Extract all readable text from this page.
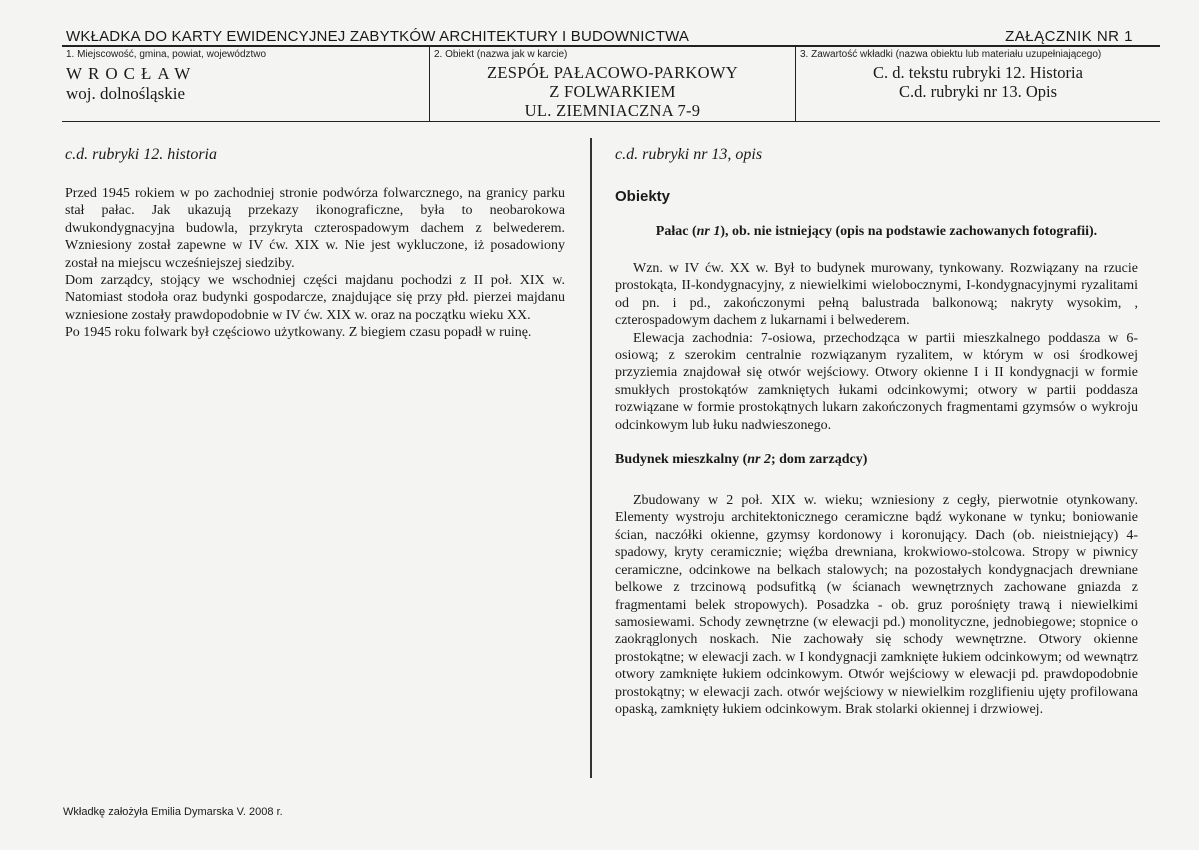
WKŁADKA DO KARTY EWIDENCYJNEJ ZABYTKÓW ARCHITEKTURY I BUDOWNICTWA	ZAŁĄCZNIK NR 1
1. Miejscowość, gmina, powiat, województwo
WROCŁAW
woj. dolnośląskie
2. Obiekt (nazwa jak w karcie)
ZESPÓŁ PAŁACOWO-PARKOWY
Z FOLWARKIEM
UL. ZIEMNIACZNA 7-9
3. Zawartość wkładki (nazwa obiektu lub materiału uzupełniającego)
C. d. tekstu rubryki 12. Historia
C.d. rubryki nr 13. Opis

c.d. rubryki 12. historia

Przed 1945 rokiem w po zachodniej stronie podwórza folwarcznego, na granicy parku stał pałac. Jak ukazują przekazy ikonograficzne, była to neobarokowa dwukondygnacyjna budowla, przykryta czterospadowym dachem z belwederem. Wzniesiony został zapewne w IV ćw. XIX w. Nie jest wykluczone, iż posadowiony został na miejscu wcześniejszej siedziby.

Dom zarządcy, stojący we wschodniej części majdanu pochodzi z II poł. XIX w. Natomiast stodoła oraz budynki gospodarcze, znajdujące się przy płd. pierzei majdanu wzniesione zostały prawdopodobnie w IV ćw. XIX w. oraz na początku wieku XX.

Po 1945 roku folwark był częściowo użytkowany. Z biegiem czasu popadł w ruinę.

c.d. rubryki nr 13, opis

Obiekty
Pałac (nr 1), ob. nie istniejący (opis na podstawie zachowanych fotografii).

Wzn. w IV ćw. XX w. Był to budynek murowany, tynkowany. Rozwiązany na rzucie prostokąta, II-kondygnacyjny, z niewielkimi wielobocznymi, I-kondygnacyjnymi ryzalitami od pn. i pd., zakończonymi pełną balustrada balkonową; nakryty wysokim, , czterospadowym dachem z lukarnami i belwederem.

Elewacja zachodnia: 7-osiowa, przechodząca w partii mieszkalnego poddasza w 6-osiową; z szerokim centralnie rozwiązanym ryzalitem, w którym w osi środkowej przyziemia znajdował się otwór wejściowy. Otwory okienne I i II kondygnacji w formie smukłych prostokątów zamkniętych łukami odcinkowymi; otwory w partii poddasza rozwiązane w formie prostokątnych lukarn zakończonych fragmentami gzymsów o wykroju odcinkowym lub łuku nadwieszonego.

Budynek mieszkalny (nr 2; dom zarządcy)

Zbudowany w 2 poł. XIX w. wieku; wzniesiony z cegły, pierwotnie otynkowany. Elementy wystroju architektonicznego ceramiczne bądź wykonane w tynku; boniowanie ścian, naczółki okienne, gzymsy kordonowy i koronujący. Dach (ob. nieistniejący) 4-spadowy, kryty ceramicznie; więźba drewniana, krokwiowo-stolcowa. Stropy w piwnicy ceramiczne, odcinkowe na belkach stalowych; na pozostałych kondygnacjach drewniane belkowe z trzcinową podsufitką (w ścianach wewnętrznych zachowane gniazda z fragmentami belek stropowych). Posadzka - ob. gruz porośnięty trawą i niewielkimi samosiewami. Schody zewnętrzne (w elewacji pd.) monolityczne, jednobiegowe; stopnice o zaokrąglonych noskach. Nie zachowały się schody wewnętrzne. Otwory okienne prostokątne; w elewacji zach. w I kondygnacji zamknięte łukiem odcinkowym; od wewnątrz otwory zamknięte łukiem odcinkowym. Otwór wejściowy w elewacji pd. prawdopodobnie prostokątny; w elewacji zach. otwór wejściowy w niewielkim rozglifieniu ujęty profilowana opaską, zamknięty łukiem odcinkowym. Brak stolarki okiennej i drzwiowej.

Wkładkę założyła Emilia Dymarska V. 2008 r.
